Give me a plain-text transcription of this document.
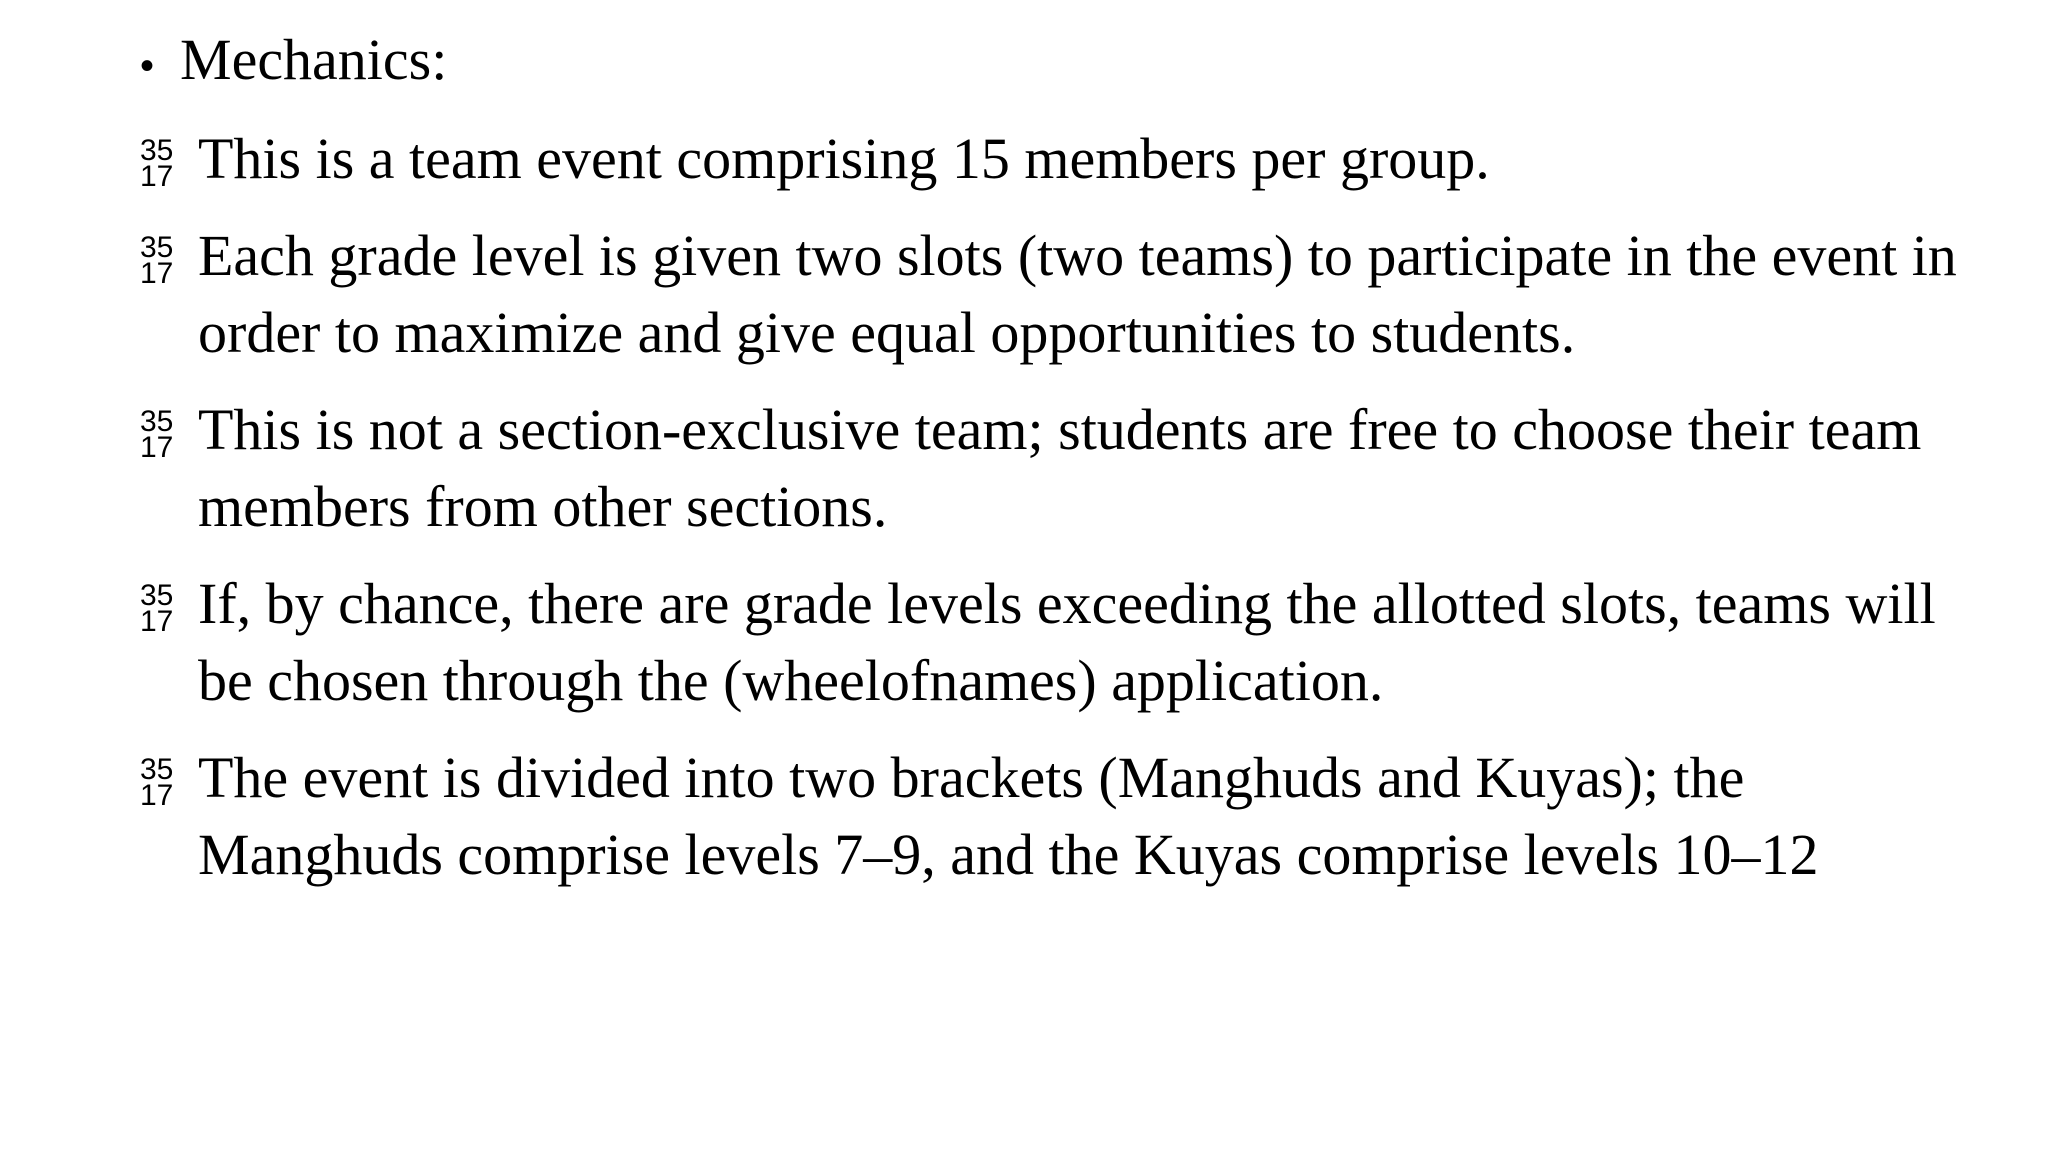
• Mechanics:
35
17 This is a team event comprising 15 members per group.
35
17 Each grade level is given two slots (two teams) to participate in the event in order to maximize and give equal opportunities to students.
35
17 This is not a section-exclusive team; students are free to choose their team members from other sections.
35
17 If, by chance, there are grade levels exceeding the allotted slots, teams will be chosen through the (wheelofnames) application.
35
17 The event is divided into two brackets (Manghuds and Kuyas); the Manghuds comprise levels 7–9, and the Kuyas comprise levels 10–12
